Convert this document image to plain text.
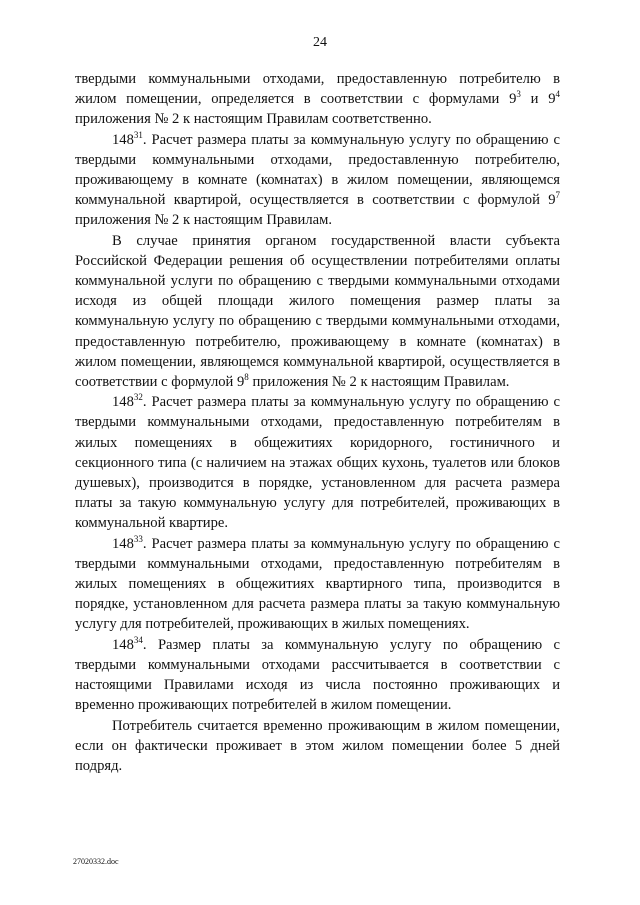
24

твердыми коммунальными отходами, предоставленную потребителю в жилом помещении, определяется в соответствии с формулами $9^3$ и $9^4$ приложения № 2 к настоящим Правилам соответственно.

$148^{31}$. Расчет размера платы за коммунальную услугу по обращению с твердыми коммунальными отходами, предоставленную потребителю, проживающему в комнате (комнатах) в жилом помещении, являющемся коммунальной квартирой, осуществляется в соответствии с формулой $9^7$ приложения № 2 к настоящим Правилам.

В случае принятия органом государственной власти субъекта Российской Федерации решения об осуществлении потребителями оплаты коммунальной услуги по обращению с твердыми коммунальными отходами исходя из общей площади жилого помещения размер платы за коммунальную услугу по обращению с твердыми коммунальными отходами, предоставленную потребителю, проживающему в комнате (комнатах) в жилом помещении, являющемся коммунальной квартирой, осуществляется в соответствии с формулой $9^8$ приложения № 2 к настоящим Правилам.

$148^{32}$. Расчет размера платы за коммунальную услугу по обращению с твердыми коммунальными отходами, предоставленную потребителям в жилых помещениях в общежитиях коридорного, гостиничного и секционного типа (с наличием на этажах общих кухонь, туалетов или блоков душевых), производится в порядке, установленном для расчета размера платы за такую коммунальную услугу для потребителей, проживающих в коммунальной квартире.

$148^{33}$. Расчет размера платы за коммунальную услугу по обращению с твердыми коммунальными отходами, предоставленную потребителям в жилых помещениях в общежитиях квартирного типа, производится в порядке, установленном для расчета размера платы за такую коммунальную услугу для потребителей, проживающих в жилых помещениях.

$148^{34}$. Размер платы за коммунальную услугу по обращению с твердыми коммунальными отходами рассчитывается в соответствии с настоящими Правилами исходя из числа постоянно проживающих и временно проживающих потребителей в жилом помещении.

Потребитель считается временно проживающим в жилом помещении, если он фактически проживает в этом жилом помещении более 5 дней подряд.

27020332.doc
